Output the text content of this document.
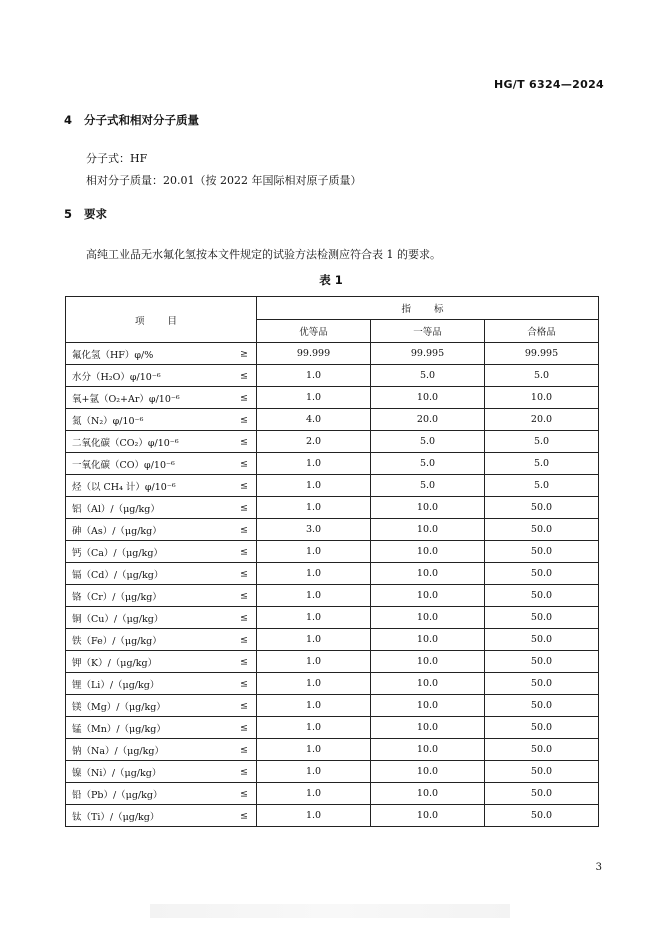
HG/T 6324—2024
4 分子式和相对分子质量
分子式：HF
相对分子质量：20.01（按 2022 年国际相对原子质量）
5 要求
高纯工业品无水氟化氢按本文件规定的试验方法检测应符合表 1 的要求。
表 1
项 目	指 标		
	优等品	一等品	合格品
氟化氢（HF）φ/% ≥	99.999	99.995	99.995
水分（H₂O）φ/10⁻⁶ ≤	1.0	5.0	5.0
氧+氩（O₂+Ar）φ/10⁻⁶ ≤	1.0	10.0	10.0
氮（N₂）φ/10⁻⁶ ≤	4.0	20.0	20.0
二氧化碳（CO₂）φ/10⁻⁶ ≤	2.0	5.0	5.0
一氧化碳（CO）φ/10⁻⁶ ≤	1.0	5.0	5.0
烃（以 CH₄ 计）φ/10⁻⁶ ≤	1.0	5.0	5.0
铝（Al）/（μg/kg） ≤	1.0	10.0	50.0
砷（As）/（μg/kg） ≤	3.0	10.0	50.0
钙（Ca）/（μg/kg） ≤	1.0	10.0	50.0
镉（Cd）/（μg/kg） ≤	1.0	10.0	50.0
铬（Cr）/（μg/kg） ≤	1.0	10.0	50.0
铜（Cu）/（μg/kg） ≤	1.0	10.0	50.0
铁（Fe）/（μg/kg） ≤	1.0	10.0	50.0
钾（K）/（μg/kg） ≤	1.0	10.0	50.0
锂（Li）/（μg/kg） ≤	1.0	10.0	50.0
镁（Mg）/（μg/kg） ≤	1.0	10.0	50.0
锰（Mn）/（μg/kg） ≤	1.0	10.0	50.0
钠（Na）/（μg/kg） ≤	1.0	10.0	50.0
镍（Ni）/（μg/kg） ≤	1.0	10.0	50.0
铅（Pb）/（μg/kg） ≤	1.0	10.0	50.0
钛（Ti）/（μg/kg） ≤	1.0	10.0	50.0
3
